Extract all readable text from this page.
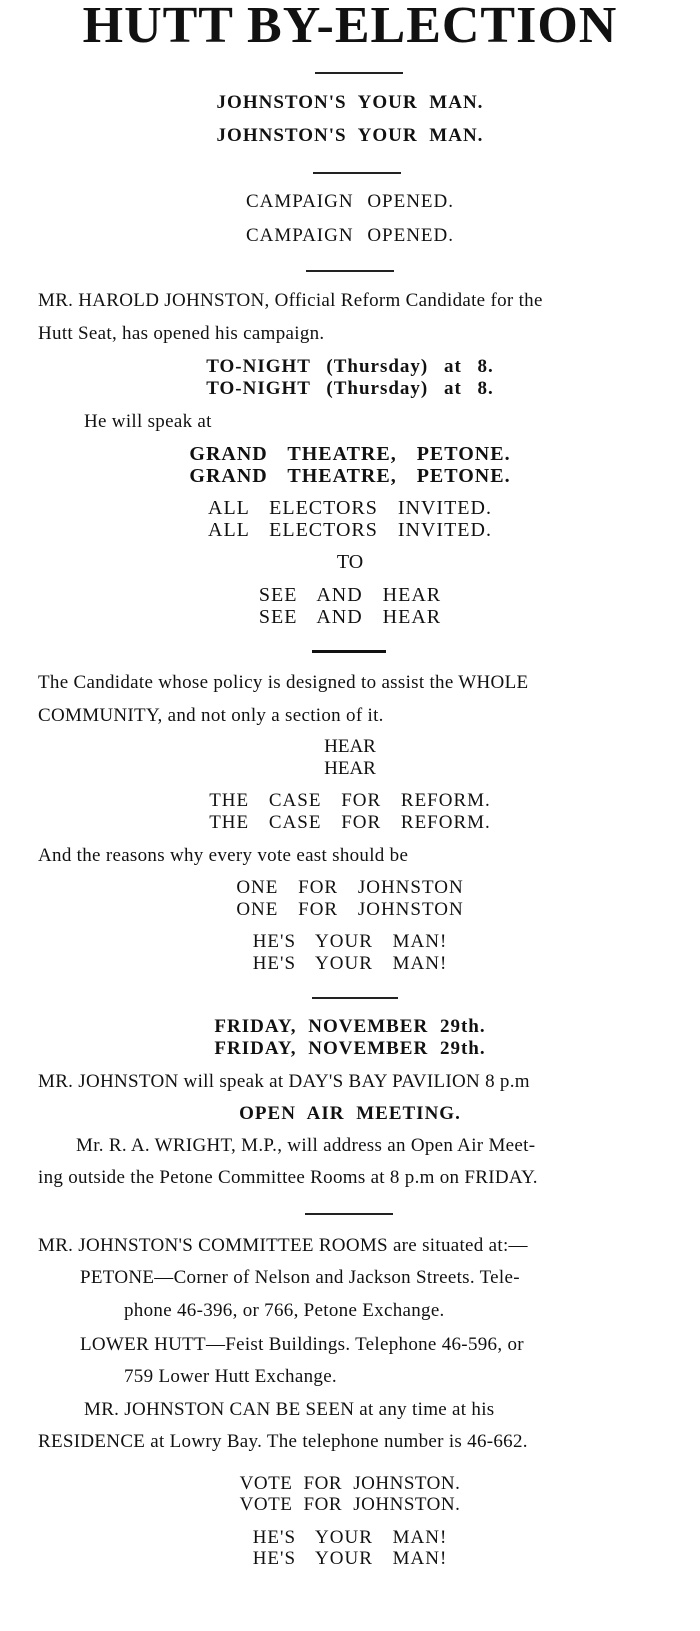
HUTT BY-ELECTION
JOHNSTON'S YOUR MAN.
JOHNSTON'S YOUR MAN.
CAMPAIGN OPENED.
CAMPAIGN OPENED.
MR. HAROLD JOHNSTON, Official Reform Candidate for the
Hutt Seat, has opened his campaign.
TO-NIGHT (Thursday) at 8.
TO-NIGHT (Thursday) at 8.
He will speak at
GRAND THEATRE, PETONE.
GRAND THEATRE, PETONE.
ALL ELECTORS INVITED.
ALL ELECTORS INVITED.
TO
SEE AND HEAR
SEE AND HEAR
The Candidate whose policy is designed to assist the WHOLE
COMMUNITY, and not only a section of it.
HEAR
HEAR
THE CASE FOR REFORM.
THE CASE FOR REFORM.
And the reasons why every vote east should be
ONE FOR JOHNSTON
ONE FOR JOHNSTON
HE'S YOUR MAN!
HE'S YOUR MAN!
FRIDAY, NOVEMBER 29th.
FRIDAY, NOVEMBER 29th.
MR. JOHNSTON will speak at DAY'S BAY PAVILION 8 p.m
OPEN AIR MEETING.
Mr. R. A. WRIGHT, M.P., will address an Open Air Meet-
ing outside the Petone Committee Rooms at 8 p.m on FRIDAY.
MR. JOHNSTON'S COMMITTEE ROOMS are situated at:—
PETONE—Corner of Nelson and Jackson Streets. Tele-
phone 46-396, or 766, Petone Exchange.
LOWER HUTT—Feist Buildings. Telephone 46-596, or
759 Lower Hutt Exchange.
MR. JOHNSTON CAN BE SEEN at any time at his
RESIDENCE at Lowry Bay. The telephone number is 46-662.
VOTE FOR JOHNSTON.
VOTE FOR JOHNSTON.
HE'S YOUR MAN!
HE'S YOUR MAN!
